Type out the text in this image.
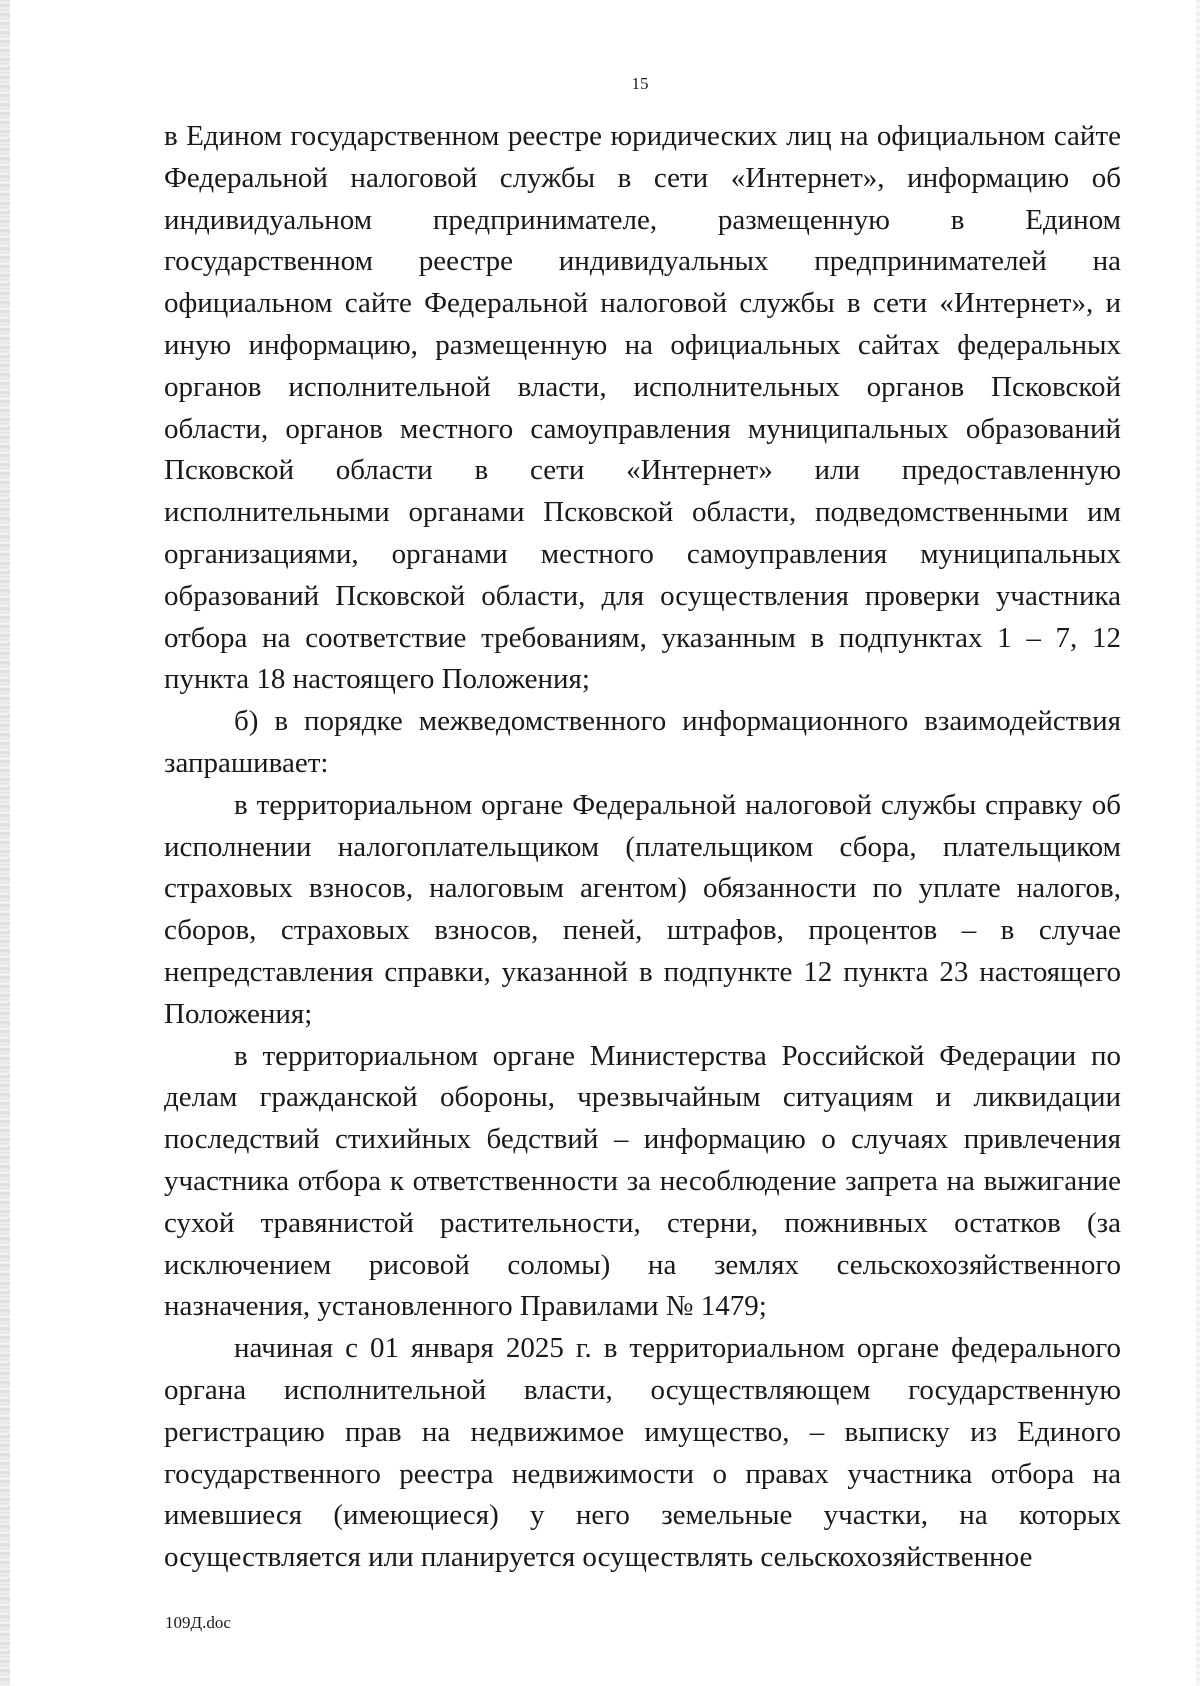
15

в Едином государственном реестре юридических лиц на официальном сайте Федеральной налоговой службы в сети «Интернет», информацию об индивидуальном предпринимателе, размещенную в Едином государственном реестре индивидуальных предпринимателей на официальном сайте Федеральной налоговой службы в сети «Интернет», и иную информацию, размещенную на официальных сайтах федеральных органов исполнительной власти, исполнительных органов Псковской области, органов местного самоуправления муниципальных образований Псковской области в сети «Интернет» или предоставленную исполнительными органами Псковской области, подведомственными им организациями, органами местного самоуправления муниципальных образований Псковской области, для осуществления проверки участника отбора на соответствие требованиям, указанным в подпунктах 1 – 7, 12 пункта 18 настоящего Положения;

б) в порядке межведомственного информационного взаимодействия запрашивает:

в территориальном органе Федеральной налоговой службы справку об исполнении налогоплательщиком (плательщиком сбора, плательщиком страховых взносов, налоговым агентом) обязанности по уплате налогов, сборов, страховых взносов, пеней, штрафов, процентов – в случае непредставления справки, указанной в подпункте 12 пункта 23 настоящего Положения;

в территориальном органе Министерства Российской Федерации по делам гражданской обороны, чрезвычайным ситуациям и ликвидации последствий стихийных бедствий – информацию о случаях привлечения участника отбора к ответственности за несоблюдение запрета на выжигание сухой травянистой растительности, стерни, пожнивных остатков (за исключением рисовой соломы) на землях сельскохозяйственного назначения, установленного Правилами № 1479;

начиная с 01 января 2025 г. в территориальном органе федерального органа исполнительной власти, осуществляющем государственную регистрацию прав на недвижимое имущество, – выписку из Единого государственного реестра недвижимости о правах участника отбора на имевшиеся (имеющиеся) у него земельные участки, на которых осуществляется или планируется осуществлять сельскохозяйственное

109Д.doc
